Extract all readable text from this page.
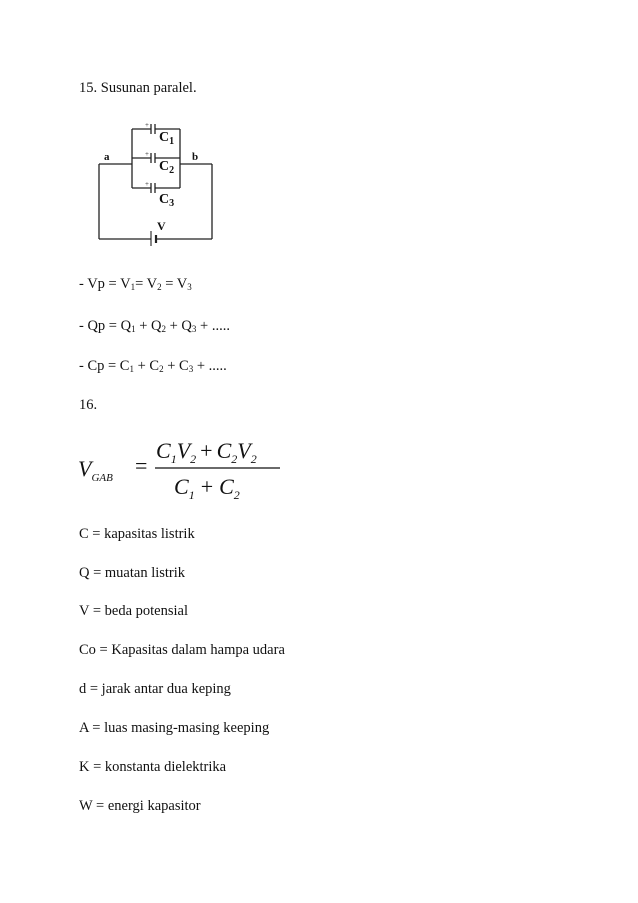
15. Susunan paralel.
+
+
+
a	b
$C_1$
$C_2$
$C_3$
V
- $Vp = V_1= V_2 = V_3$
- $Qp = Q_1 + Q_2 + Q_3$ + .....
- $Cp = C_1 + C_2 + C_3$ + .....
16.
$V_{GAB}$ =
$C_1V_2 + C_2V_2$
$C_1 + C_2$
C = kapasitas listrik
Q = muatan listrik
V = beda potensial
Co = Kapasitas dalam hampa udara
d = jarak antar dua keping
A = luas masing-masing keeping
K = konstanta dielektrika
W = energi kapasitor
